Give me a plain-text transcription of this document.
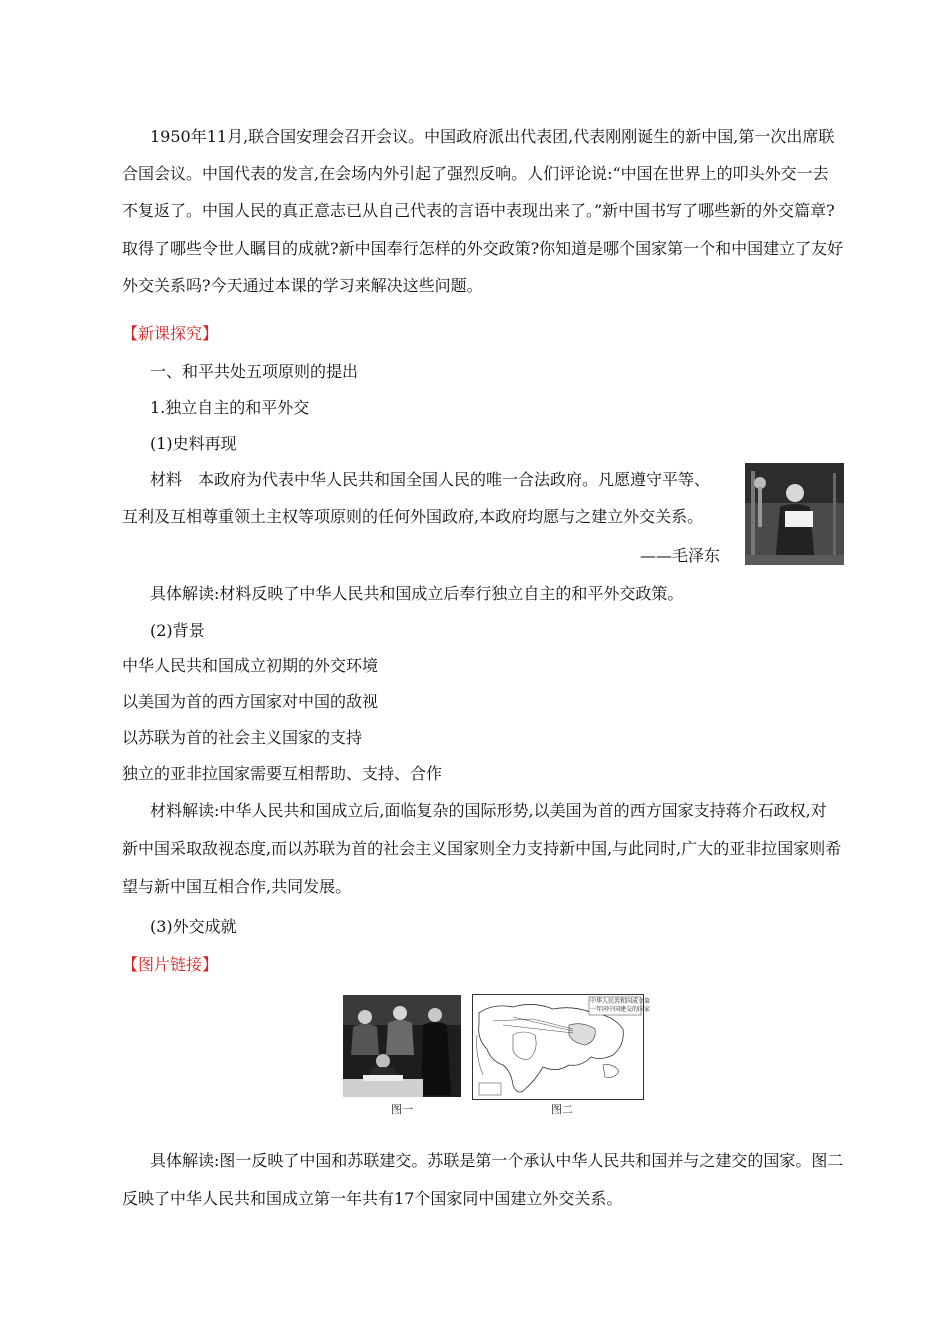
1950年11月,联合国安理会召开会议。中国政府派出代表团,代表刚刚诞生的新中国,第一次出席联
合国会议。中国代表的发言,在会场内外引起了强烈反响。人们评论说:“中国在世界上的叩头外交一去
不复返了。中国人民的真正意志已从自己代表的言语中表现出来了。”新中国书写了哪些新的外交篇章?
取得了哪些令世人瞩目的成就?新中国奉行怎样的外交政策?你知道是哪个国家第一个和中国建立了友好
外交关系吗?今天通过本课的学习来解决这些问题。
【新课探究】
一、和平共处五项原则的提出
1.独立自主的和平外交
(1)史料再现
材料　本政府为代表中华人民共和国全国人民的唯一合法政府。凡愿遵守平等、
互利及互相尊重领土主权等项原则的任何外国政府,本政府均愿与之建立外交关系。
——毛泽东
具体解读:材料反映了中华人民共和国成立后奉行独立自主的和平外交政策。
(2)背景
中华人民共和国成立初期的外交环境
以美国为首的西方国家对中国的敌视
以苏联为首的社会主义国家的支持
独立的亚非拉国家需要互相帮助、支持、合作
材料解读:中华人民共和国成立后,面临复杂的国际形势,以美国为首的西方国家支持蒋介石政权,对
新中国采取敌视态度,而以苏联为首的社会主义国家则全力支持新中国,与此同时,广大的亚非拉国家则希
望与新中国互相合作,共同发展。
(3)外交成就
【图片链接】
图一
中华人民共和国成立第
一年同中国建交的国家
图二
具体解读:图一反映了中国和苏联建交。苏联是第一个承认中华人民共和国并与之建交的国家。图二
反映了中华人民共和国成立第一年共有17个国家同中国建立外交关系。
